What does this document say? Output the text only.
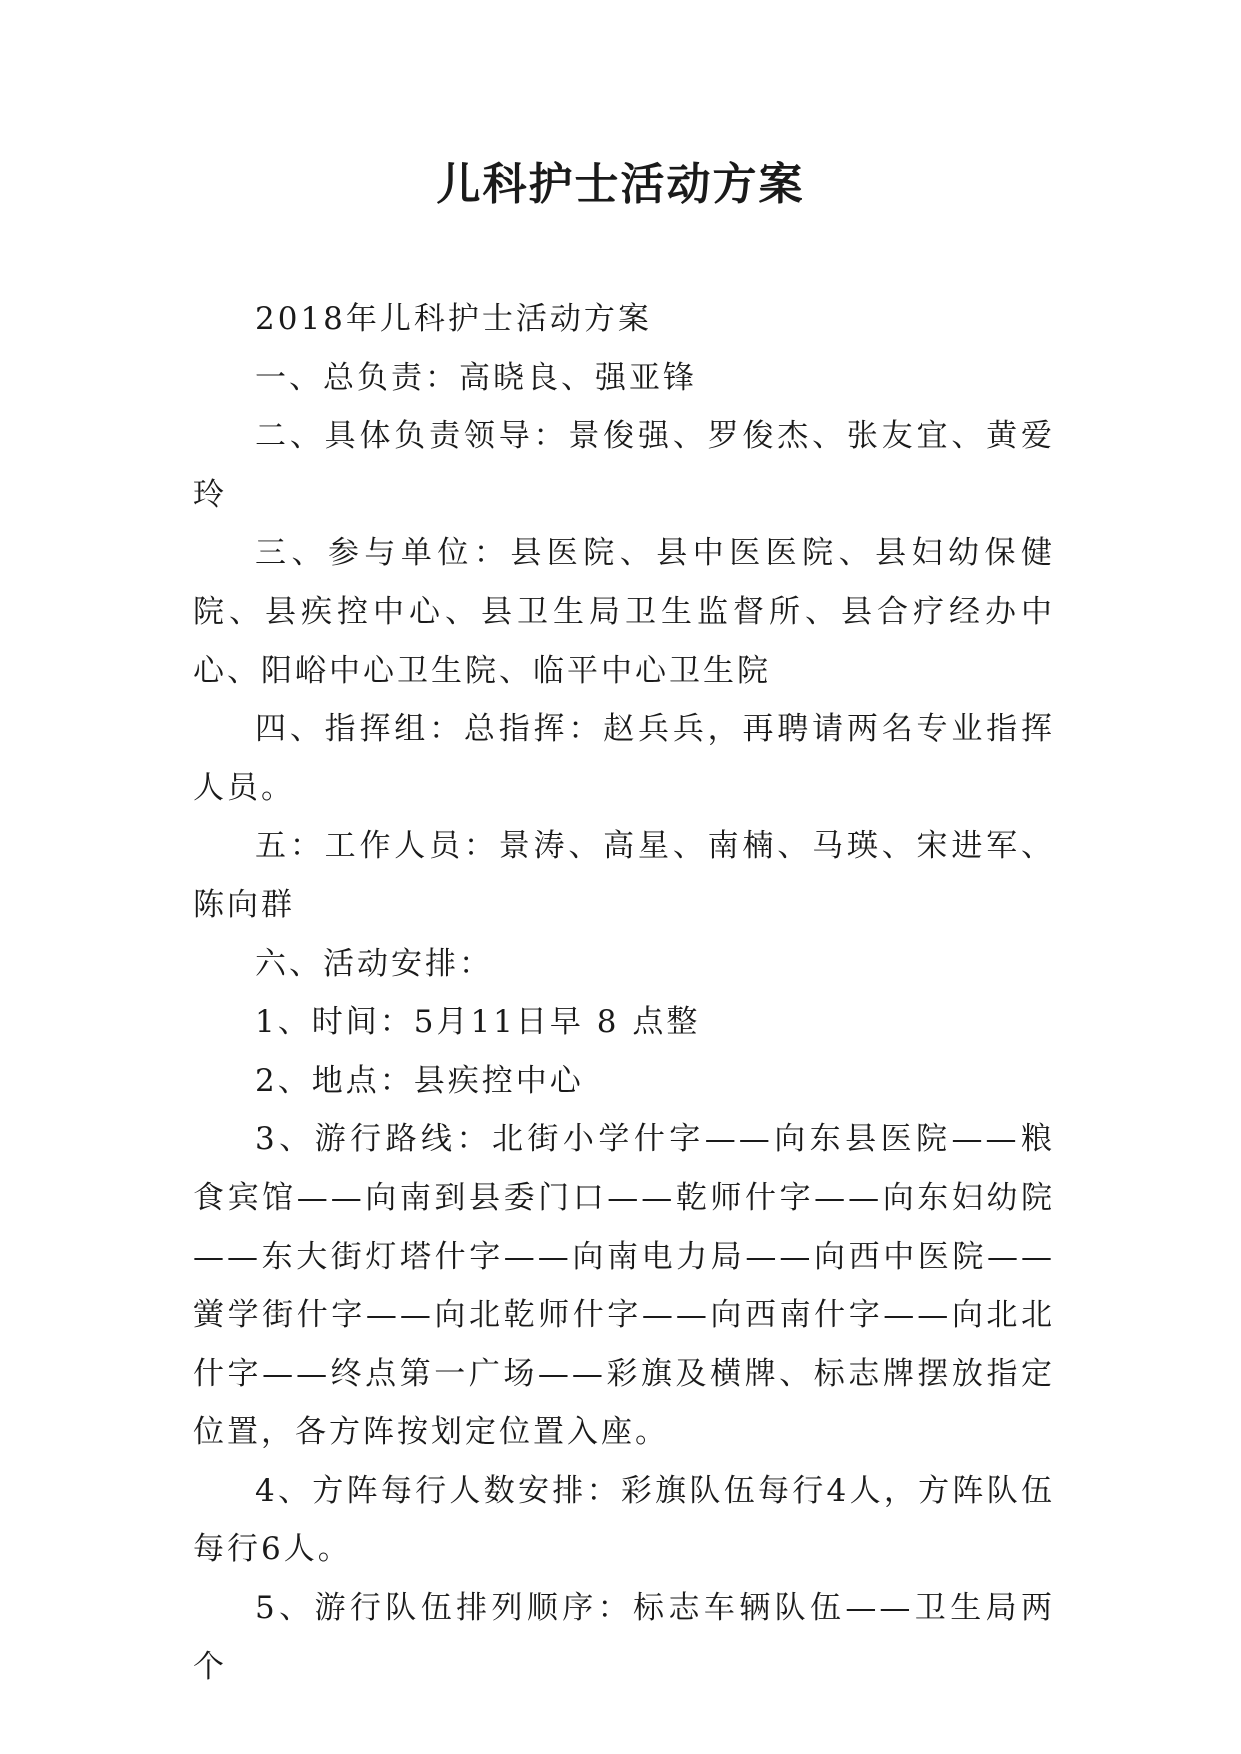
儿科护士活动方案

2018年儿科护士活动方案

一、总负责：高晓良、强亚锋

二、具体负责领导：景俊强、罗俊杰、张友宜、黄爱玲

三、参与单位：县医院、县中医医院、县妇幼保健院、县疾控中心、县卫生局卫生监督所、县合疗经办中心、阳峪中心卫生院、临平中心卫生院

四、指挥组：总指挥：赵兵兵，再聘请两名专业指挥人员。

五：工作人员：景涛、高星、南楠、马瑛、宋进军、陈向群

六、活动安排：

1、时间：5月11日早 8 点整

2、地点：县疾控中心

3、游行路线：北街小学什字——向东县医院——粮食宾馆——向南到县委门口——乾师什字——向东妇幼院——东大街灯塔什字——向南电力局——向西中医院——黉学街什字——向北乾师什字——向西南什字——向北北什字——终点第一广场——彩旗及横牌、标志牌摆放指定位置，各方阵按划定位置入座。

4、方阵每行人数安排：彩旗队伍每行4人，方阵队伍每行6人。

5、游行队伍排列顺序：标志车辆队伍——卫生局两个
